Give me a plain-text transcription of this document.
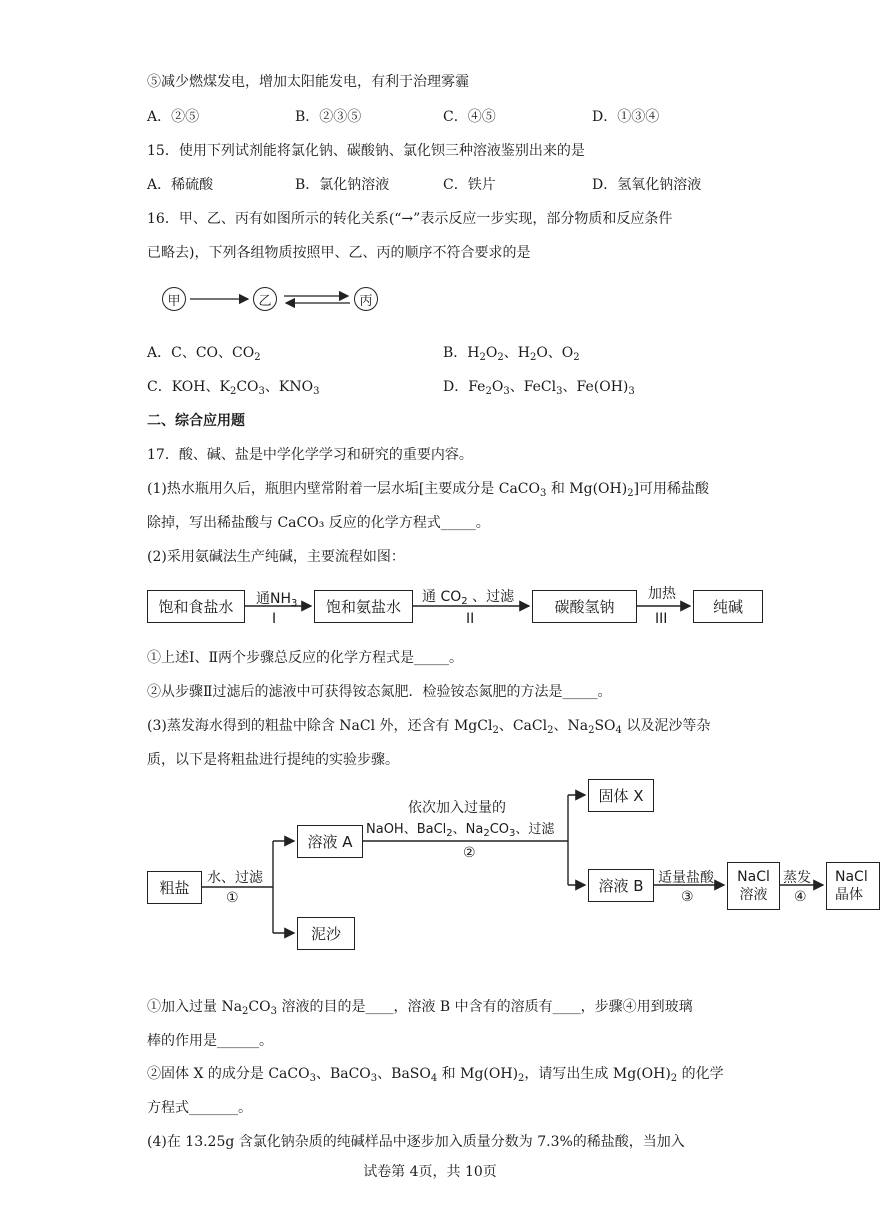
⑤减少燃煤发电，增加太阳能发电，有利于治理雾霾
A．②⑤	B．②③⑤	C．④⑤	D．①③④
15．使用下列试剂能将氯化钠、碳酸钠、氯化钡三种溶液鉴别出来的是
A．稀硫酸	B．氯化钠溶液	C．铁片	D．氢氧化钠溶液
16．甲、乙、丙有如图所示的转化关系(“→”表示反应一步实现，部分物质和反应条件
已略去)，下列各组物质按照甲、乙、丙的顺序不符合要求的是
甲	乙	丙
A．C、CO、$CO_2$	B．$H_2O_2$、$H_2O$、$O_2$
C．KOH、$K_2CO_3$、$KNO_3$	D．$Fe_2O_3$、FeCl$_3$、$Fe(OH)_3$
二、综合应用题
17．酸、碱、盐是中学化学学习和研究的重要内容。
(1)热水瓶用久后，瓶胆内壁常附着一层水垢[主要成分是 CaCO$_3$ 和 $Mg(OH)_2$]可用稀盐酸
除掉，写出稀盐酸与 CaCO₃ 反应的化学方程式_____。
(2)采用氨碱法生产纯碱，主要流程如图：
饱和食盐水	饱和氨盐水	碳酸氢钠	纯碱
通$NH_3$
I
通 $CO_2$ 、过滤
II
加热
III
①上述Ⅰ、Ⅱ两个步骤总反应的化学方程式是_____。
②从步骤Ⅱ过滤后的滤液中可获得铵态氮肥．检验铵态氮肥的方法是_____。
(3)蒸发海水得到的粗盐中除含 NaCl 外，还含有 MgCl$_2$、CaCl$_2$、$Na_2SO_4$ 以及泥沙等杂
质，以下是将粗盐进行提纯的实验步骤。
粗盐
水、过滤
①
溶液 A
泥沙
依次加入过量的
NaOH、BaCl$_2$、$Na_2CO_3$、过滤
②
固体 X
溶液 B	适量盐酸
③
NaCl
溶液
蒸发
④
NaCl
晶体
①加入过量 $Na_2CO_3$ 溶液的目的是____，溶液 B 中含有的溶质有____，步骤④用到玻璃
棒的作用是______。
②固体 X 的成分是 CaCO$_3$、BaCO$_3$、BaSO$_4$ 和 $Mg(OH)_2$，请写出生成 $Mg(OH)_2$ 的化学
方程式_______。
(4)在 13.25g 含氯化钠杂质的纯碱样品中逐步加入质量分数为 7.3%的稀盐酸，当加入
试卷第 4页，共 10页
